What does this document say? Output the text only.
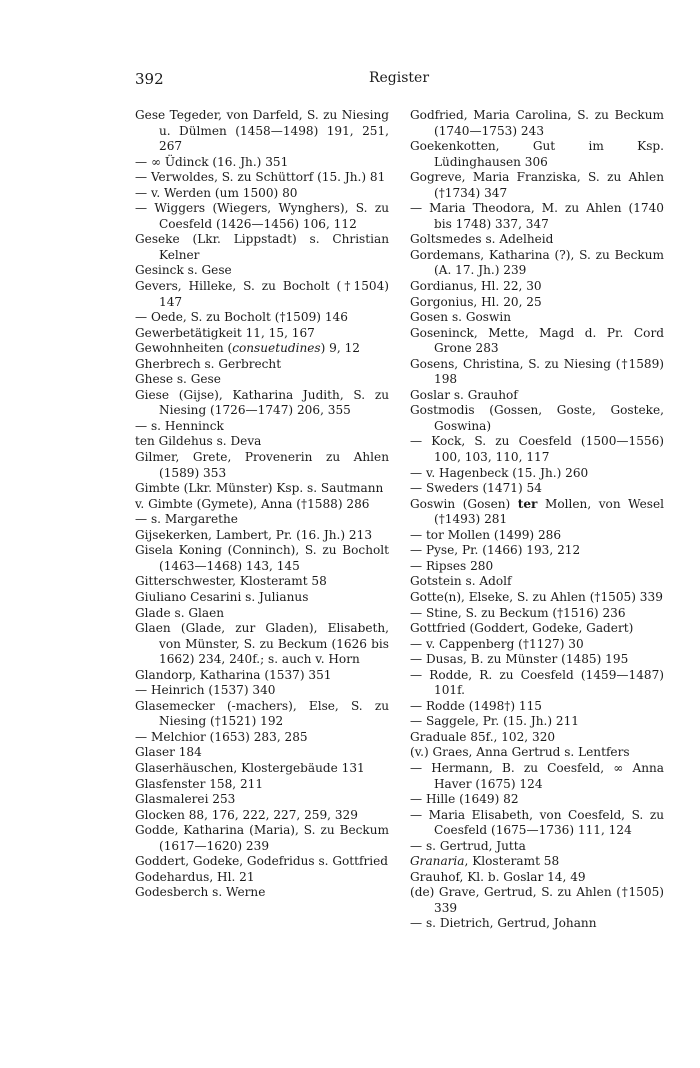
392	Register
Gese Tegeder, von Darfeld, S. zu Niesing u. Dülmen (1458—1498) 191, 251, 267
— ∞ Üdinck (16. Jh.) 351
— Verwoldes, S. zu Schüttorf (15. Jh.) 81
— v. Werden (um 1500) 80
— Wiggers (Wiegers, Wynghers), S. zu Coesfeld (1426—1456) 106, 112
Geseke (Lkr. Lippstadt) s. Christian Kelner
Gesinck s. Gese
Gevers, Hilleke, S. zu Bocholt (†1504) 147
— Oede, S. zu Bocholt (†1509) 146
Gewerbetätigkeit 11, 15, 167
Gewohnheiten (consuetudines) 9, 12
Gherbrech s. Gerbrecht
Ghese s. Gese
Giese (Gijse), Katharina Judith, S. zu Niesing (1726—1747) 206, 355
— s. Henninck
ten Gildehus s. Deva
Gilmer, Grete, Provenerin zu Ahlen (1589) 353
Gimbte (Lkr. Münster) Ksp. s. Sautmann
v. Gimbte (Gymete), Anna (†1588) 286
— s. Margarethe
Gijsekerken, Lambert, Pr. (16. Jh.) 213
Gisela Koning (Conninch), S. zu Bocholt (1463—1468) 143, 145
Gitterschwester, Klosteramt 58
Giuliano Cesarini s. Julianus
Glade s. Glaen
Glaen (Glade, zur Gladen), Elisabeth, von Münster, S. zu Beckum (1626 bis 1662) 234, 240f.; s. auch v. Horn
Glandorp, Katharina (1537) 351
— Heinrich (1537) 340
Glasemecker (-machers), Else, S. zu Niesing (†1521) 192
— Melchior (1653) 283, 285
Glaser 184
Glaserhäuschen, Klostergebäude 131
Glasfenster 158, 211
Glasmalerei 253
Glocken 88, 176, 222, 227, 259, 329
Godde, Katharina (Maria), S. zu Beckum (1617—1620) 239
Goddert, Godeke, Godefridus s. Gottfried
Godehardus, Hl. 21
Godesberch s. Werne
Godfried, Maria Carolina, S. zu Beckum (1740—1753) 243
Goekenkotten, Gut im Ksp. Lüdinghausen 306
Gogreve, Maria Franziska, S. zu Ahlen (†1734) 347
— Maria Theodora, M. zu Ahlen (1740 bis 1748) 337, 347
Goltsmedes s. Adelheid
Gordemans, Katharina (?), S. zu Beckum (A. 17. Jh.) 239
Gordianus, Hl. 22, 30
Gorgonius, Hl. 20, 25
Gosen s. Goswin
Goseninck, Mette, Magd d. Pr. Cord Grone 283
Gosens, Christina, S. zu Niesing (†1589) 198
Goslar s. Grauhof
Gostmodis (Gossen, Goste, Gosteke, Goswina)
— Kock, S. zu Coesfeld (1500—1556) 100, 103, 110, 117
— v. Hagenbeck (15. Jh.) 260
— Sweders (1471) 54
Goswin (Gosen) ter Mollen, von Wesel (†1493) 281
— tor Mollen (1499) 286
— Pyse, Pr. (1466) 193, 212
— Ripses 280
Gotstein s. Adolf
Gotte(n), Elseke, S. zu Ahlen (†1505) 339
— Stine, S. zu Beckum (†1516) 236
Gottfried (Goddert, Godeke, Gadert)
— v. Cappenberg (†1127) 30
— Dusas, B. zu Münster (1485) 195
— Rodde, R. zu Coesfeld (1459—1487) 101f.
— Rodde (1498†) 115
— Saggele, Pr. (15. Jh.) 211
Graduale 85f., 102, 320
(v.) Graes, Anna Gertrud s. Lentfers
— Hermann, B. zu Coesfeld, ∞ Anna Haver (1675) 124
— Hille (1649) 82
— Maria Elisabeth, von Coesfeld, S. zu Coesfeld (1675—1736) 111, 124
— s. Gertrud, Jutta
Granaria, Klosteramt 58
Grauhof, Kl. b. Goslar 14, 49
(de) Grave, Gertrud, S. zu Ahlen (†1505) 339
— s. Dietrich, Gertrud, Johann
